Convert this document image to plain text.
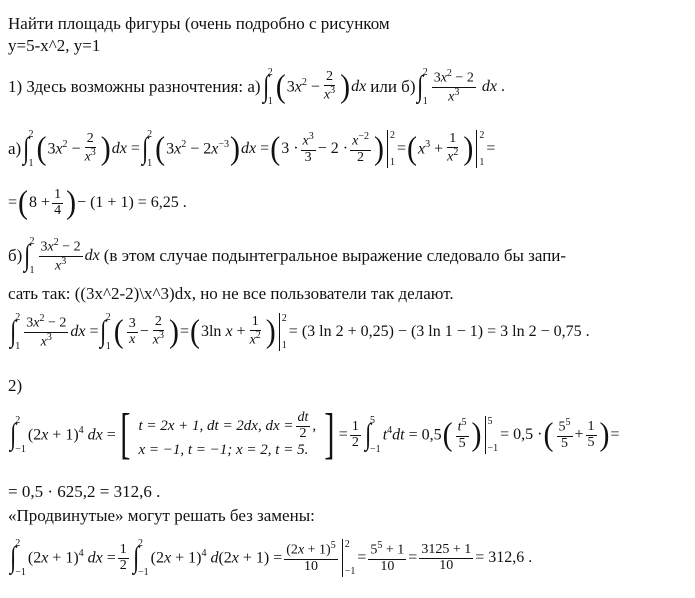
Найти площадь фигуры (очень подробно с рисунком
y=5-x^2, y=1
1) Здесь возможны разночтения: а) ∫ 2
1 ( $3x^2 - \frac{2}{x^3}$ ) dx или б) ∫ 2
$1 \frac{3x^2 - 2}{x^3}$ dx .
а) ∫ 2
1 ( $3x^2 - \frac{2}{x^3}$ ) dx = ∫ 2
1 ( $3x^2 - 2x^{-3}$ ) dx = ( $3 \cdot \frac{x^3}{3} - 2 \cdot \frac{x^{-2}}{2}$ ) 2
1
= ( $x^3 + \frac{1}{x^2}$ ) 2
1
=
= ( $8 + \frac{1}{4}$ ) − (1 + 1) = 6,25 .
б) ∫ 2
$1 \frac{3x^2 - 2}{x^3}$ dx (в этом случае подынтегральное выражение следовало бы запи-
сать так: ((3x^2-2)\x^3)dx, но не все пользователи так делают.
∫ 2
$1 \frac{3x^2 - 2}{x^3}$ dx = ∫ 2
1 ( $\frac{3}{x} - \frac{2}{x^3}$ ) = ( 3ln $x + \frac{1}{x^2}$ ) 2
1
= (3 ln 2 + 0,25) − (3 ln 1 − 1) = 3 ln 2 − 0,75 .
2)
∫ 2
−1
$(2x + 1)^4$ dx = [ t = 2x + 1, dt = 2dx, dx = $\frac{dt}{2}$ ,
x = −1, t = −1; x = 2, t = 5. ] = $\frac{1}{2}$ ∫ 5
−1
$t^4dt = 0,5$ ( $\frac{t^5}{5}$ ) 5
−1
= 0,5 · ( $\frac{5^5}{5} + \frac{1}{5}$ ) =
= 0,5 · 625,2 = 312,6 .
«Продвинутые» могут решать без замены:
∫ 2
−1
$(2x + 1)^4$ dx = $\frac{1}{2}$ ∫ 2
−1
$(2x + 1)^4$ $d(2x + 1) = \frac{(2x + 1)^5}{10} 2$
−1
= $\frac{5^5 + 1}{10} = \frac{3125 + 1}{10} = 312,6$ .
